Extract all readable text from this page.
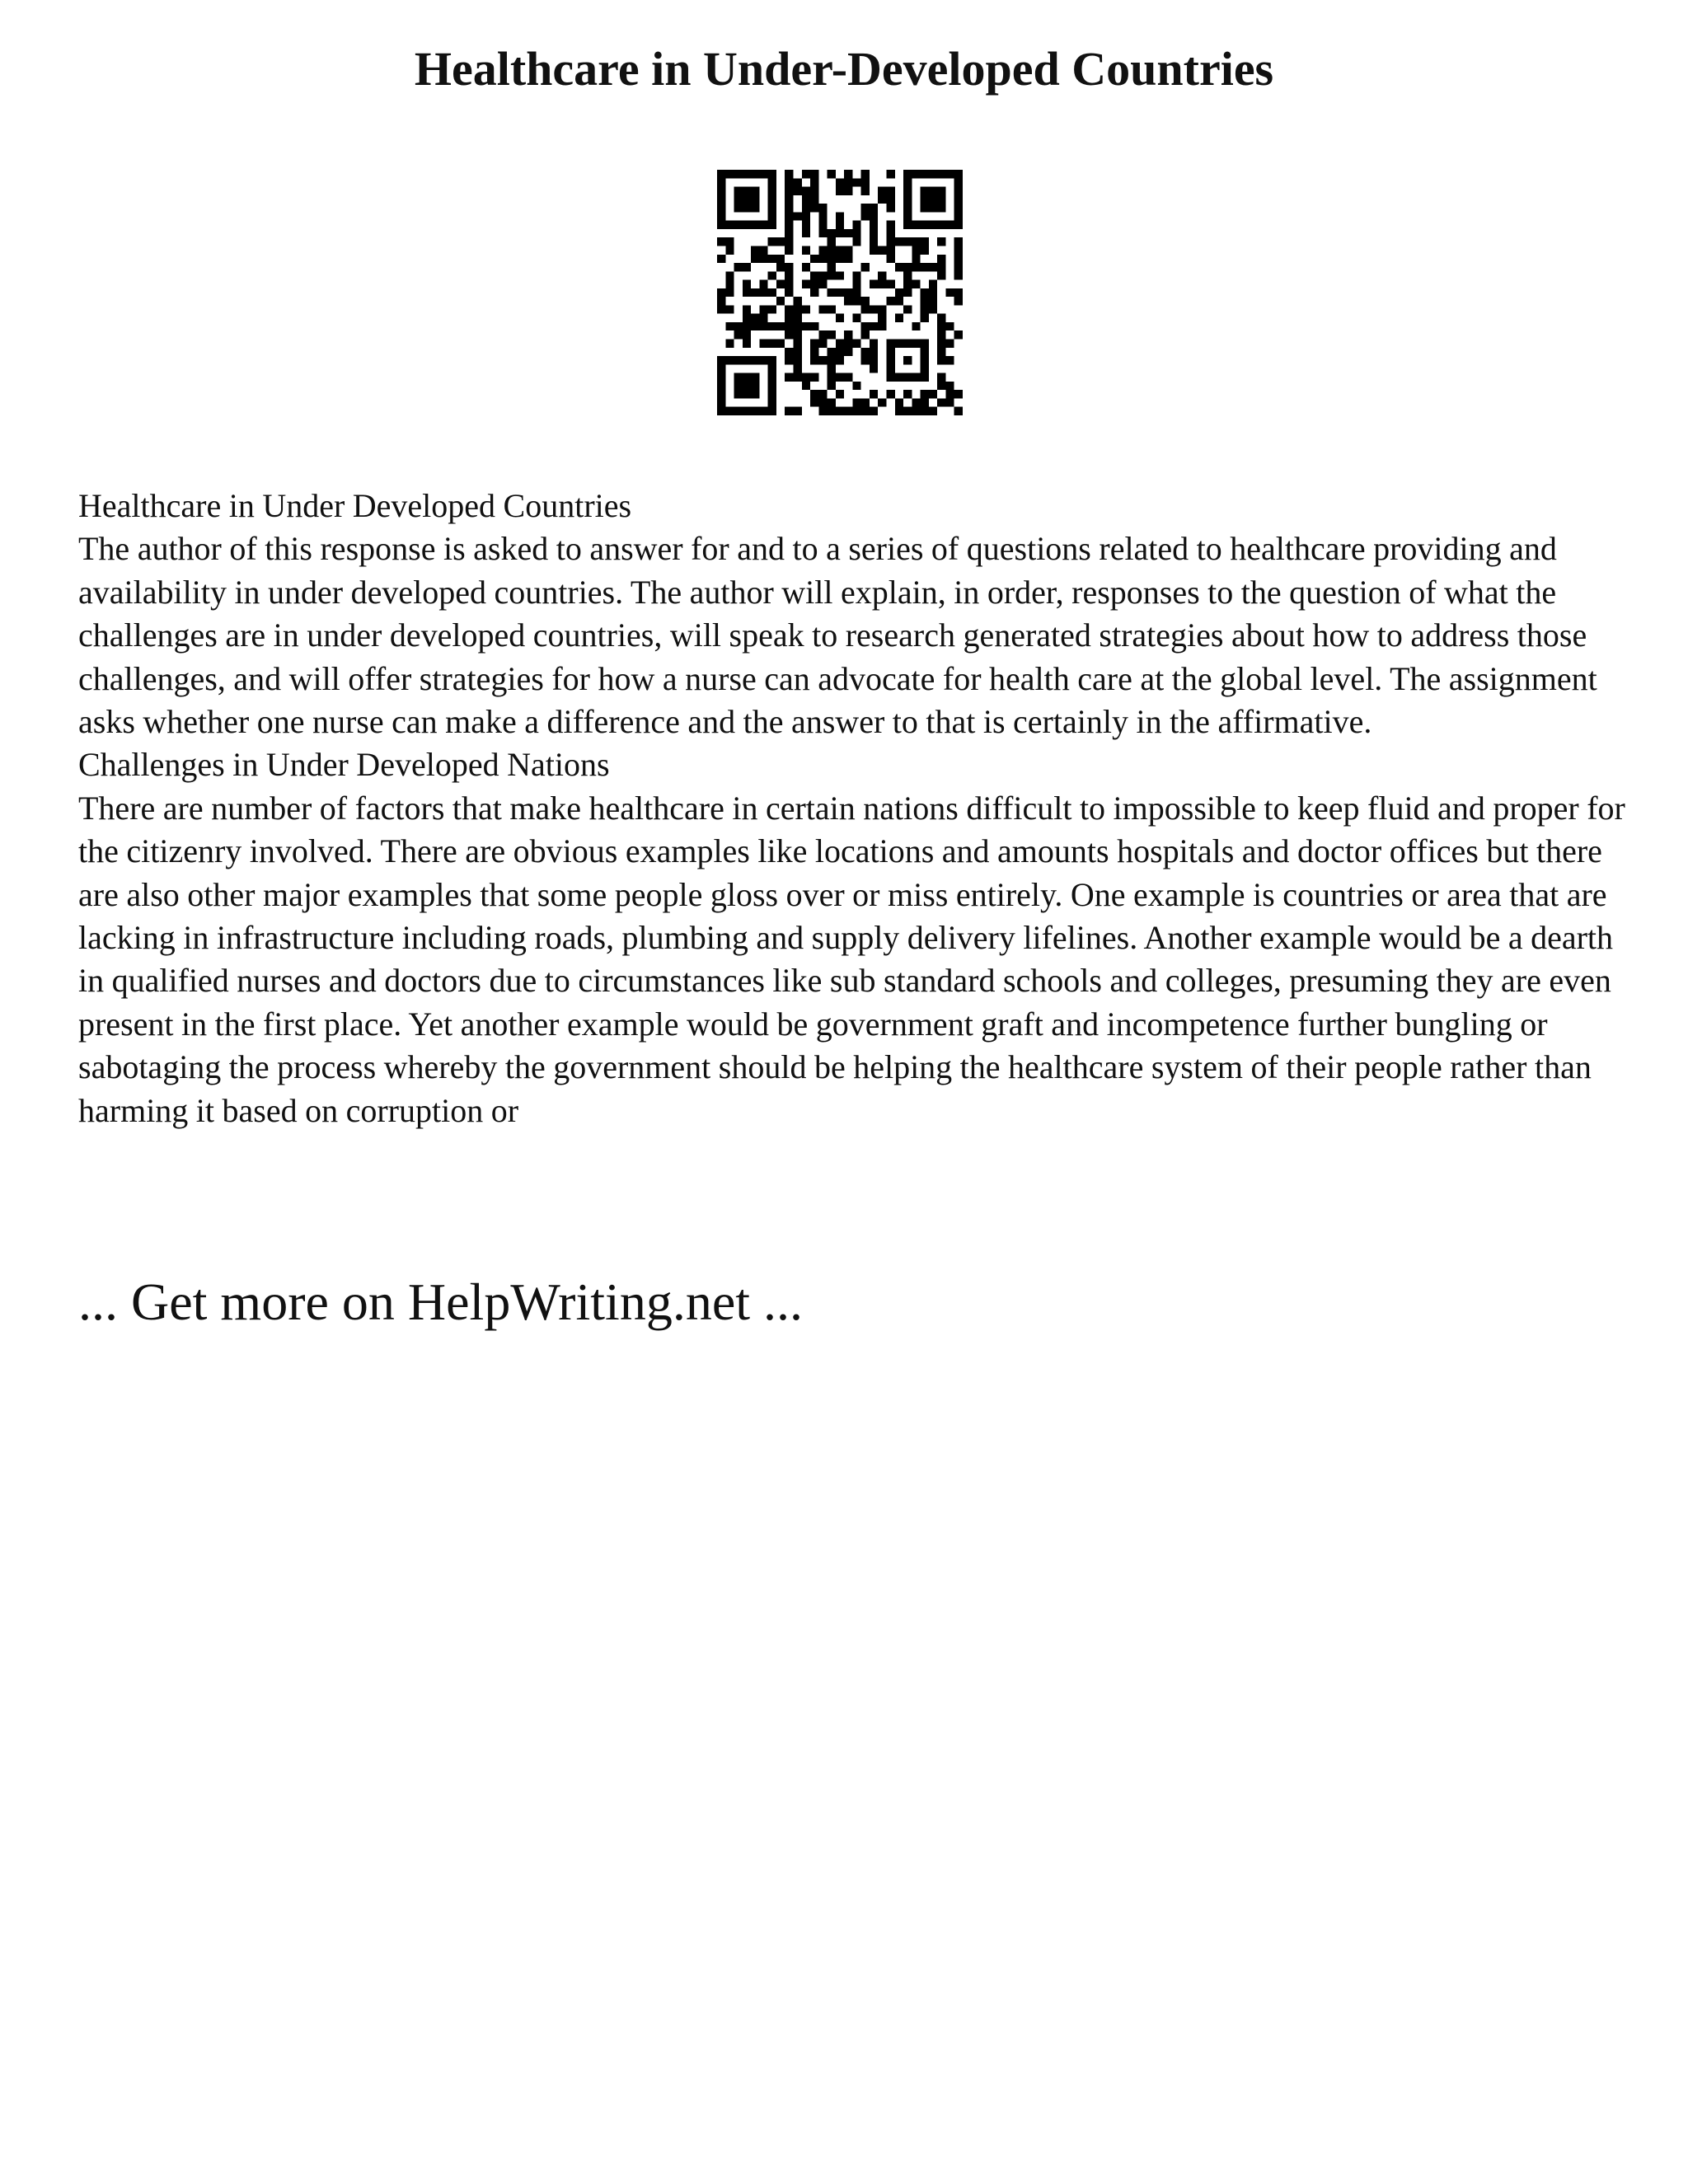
Healthcare in Under-Developed Countries

Healthcare in Under Developed Countries

The author of this response is asked to answer for and to a series of questions related to healthcare providing and availability in under developed countries. The author will explain, in order, responses to the question of what the challenges are in under developed countries, will speak to research generated strategies about how to address those challenges, and will offer strategies for how a nurse can advocate for health care at the global level. The assignment asks whether one nurse can make a difference and the answer to that is certainly in the affirmative.

Challenges in Under Developed Nations

There are number of factors that make healthcare in certain nations difficult to impossible to keep fluid and proper for the citizenry involved. There are obvious examples like locations and amounts hospitals and doctor offices but there are also other major examples that some people gloss over or miss entirely. One example is countries or area that are lacking in infrastructure including roads, plumbing and supply delivery lifelines. Another example would be a dearth in qualified nurses and doctors due to circumstances like sub standard schools and colleges, presuming they are even present in the first place. Yet another example would be government graft and incompetence further bungling or sabotaging the process whereby the government should be helping the healthcare system of their people rather than harming it based on corruption or

... Get more on HelpWriting.net ...
